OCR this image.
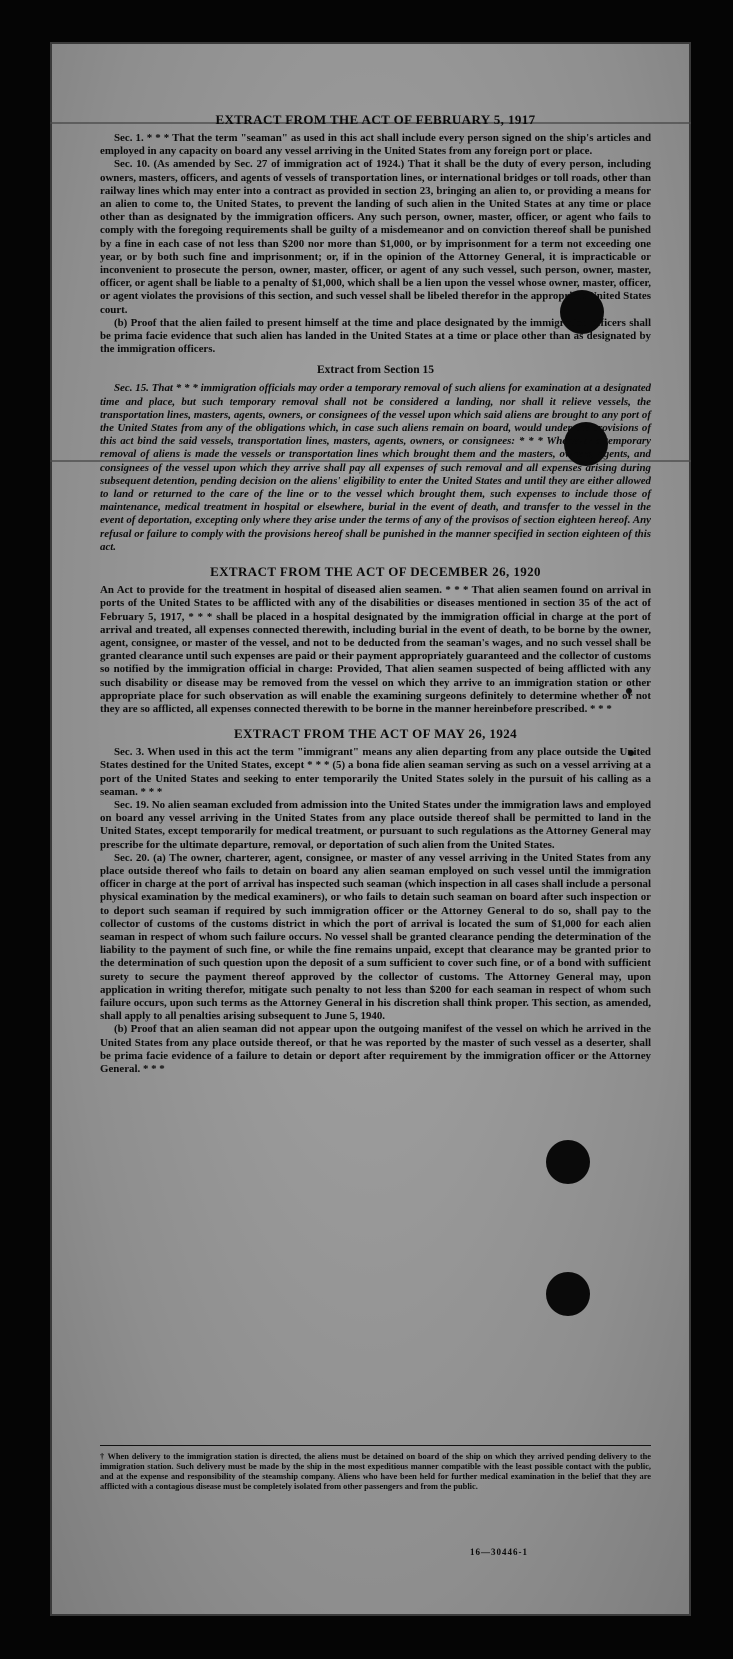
EXTRACT FROM THE ACT OF FEBRUARY 5, 1917

Sec. 1. * * * That the term "seaman" as used in this act shall include every person signed on the ship's articles and employed in any capacity on board any vessel arriving in the United States from any foreign port or place.

Sec. 10. (As amended by Sec. 27 of immigration act of 1924.) That it shall be the duty of every person, including owners, masters, officers, and agents of vessels of transportation lines, or international bridges or toll roads, other than railway lines which may enter into a contract as provided in section 23, bringing an alien to, or providing a means for an alien to come to, the United States, to prevent the landing of such alien in the United States at any time or place other than as designated by the immigration officers. Any such person, owner, master, officer, or agent who fails to comply with the foregoing requirements shall be guilty of a misdemeanor and on conviction thereof shall be punished by a fine in each case of not less than $200 nor more than $1,000, or by imprisonment for a term not exceeding one year, or by both such fine and imprisonment; or, if in the opinion of the Attorney General, it is impracticable or inconvenient to prosecute the person, owner, master, officer, or agent of any such vessel, such person, owner, master, officer, or agent shall be liable to a penalty of $1,000, which shall be a lien upon the vessel whose owner, master, officer, or agent violates the provisions of this section, and such vessel shall be libeled therefor in the appropriate United States court.

(b) Proof that the alien failed to present himself at the time and place designated by the immigration officers shall be prima facie evidence that such alien has landed in the United States at a time or place other than as designated by the immigration officers.

Extract from Section 15

Sec. 15. That * * * immigration officials may order a temporary removal of such aliens for examination at a designated time and place, but such temporary removal shall not be considered a landing, nor shall it relieve vessels, the transportation lines, masters, agents, owners, or consignees of the vessel upon which said aliens are brought to any port of the United States from any of the obligations which, in case such aliens remain on board, would under the provisions of this act bind the said vessels, transportation lines, masters, agents, owners, or consignees: * * * Whenever a temporary removal of aliens is made the vessels or transportation lines which brought them and the masters, owners, agents, and consignees of the vessel upon which they arrive shall pay all expenses of such removal and all expenses arising during subsequent detention, pending decision on the aliens' eligibility to enter the United States and until they are either allowed to land or returned to the care of the line or to the vessel which brought them, such expenses to include those of maintenance, medical treatment in hospital or elsewhere, burial in the event of death, and transfer to the vessel in the event of deportation, excepting only where they arise under the terms of any of the provisos of section eighteen hereof. Any refusal or failure to comply with the provisions hereof shall be punished in the manner specified in section eighteen of this act.

EXTRACT FROM THE ACT OF DECEMBER 26, 1920

An Act to provide for the treatment in hospital of diseased alien seamen. * * * That alien seamen found on arrival in ports of the United States to be afflicted with any of the disabilities or diseases mentioned in section 35 of the act of February 5, 1917, * * * shall be placed in a hospital designated by the immigration official in charge at the port of arrival and treated, all expenses connected therewith, including burial in the event of death, to be borne by the owner, agent, consignee, or master of the vessel, and not to be deducted from the seaman's wages, and no such vessel shall be granted clearance until such expenses are paid or their payment appropriately guaranteed and the collector of customs so notified by the immigration official in charge: Provided, That alien seamen suspected of being afflicted with any such disability or disease may be removed from the vessel on which they arrive to an immigration station or other appropriate place for such observation as will enable the examining surgeons definitely to determine whether or not they are so afflicted, all expenses connected therewith to be borne in the manner hereinbefore prescribed. * * *

EXTRACT FROM THE ACT OF MAY 26, 1924

Sec. 3. When used in this act the term "immigrant" means any alien departing from any place outside the United States destined for the United States, except * * * (5) a bona fide alien seaman serving as such on a vessel arriving at a port of the United States and seeking to enter temporarily the United States solely in the pursuit of his calling as a seaman. * * *

Sec. 19. No alien seaman excluded from admission into the United States under the immigration laws and employed on board any vessel arriving in the United States from any place outside thereof shall be permitted to land in the United States, except temporarily for medical treatment, or pursuant to such regulations as the Attorney General may prescribe for the ultimate departure, removal, or deportation of such alien from the United States.

Sec. 20. (a) The owner, charterer, agent, consignee, or master of any vessel arriving in the United States from any place outside thereof who fails to detain on board any alien seaman employed on such vessel until the immigration officer in charge at the port of arrival has inspected such seaman (which inspection in all cases shall include a personal physical examination by the medical examiners), or who fails to detain such seaman on board after such inspection or to deport such seaman if required by such immigration officer or the Attorney General to do so, shall pay to the collector of customs of the customs district in which the port of arrival is located the sum of $1,000 for each alien seaman in respect of whom such failure occurs. No vessel shall be granted clearance pending the determination of the liability to the payment of such fine, or while the fine remains unpaid, except that clearance may be granted prior to the determination of such question upon the deposit of a sum sufficient to cover such fine, or of a bond with sufficient surety to secure the payment thereof approved by the collector of customs. The Attorney General may, upon application in writing therefor, mitigate such penalty to not less than $200 for each seaman in respect of whom such failure occurs, upon such terms as the Attorney General in his discretion shall think proper. This section, as amended, shall apply to all penalties arising subsequent to June 5, 1940.

(b) Proof that an alien seaman did not appear upon the outgoing manifest of the vessel on which he arrived in the United States from any place outside thereof, or that he was reported by the master of such vessel as a deserter, shall be prima facie evidence of a failure to detain or deport after requirement by the immigration officer or the Attorney General. * * *

† When delivery to the immigration station is directed, the aliens must be detained on board of the ship on which they arrived pending delivery to the immigration station. Such delivery must be made by the ship in the most expeditious manner compatible with the least possible contact with the public, and at the expense and responsibility of the steamship company. Aliens who have been held for further medical examination in the belief that they are afflicted with a contagious disease must be completely isolated from other passengers and from the public.
16—30446-1
